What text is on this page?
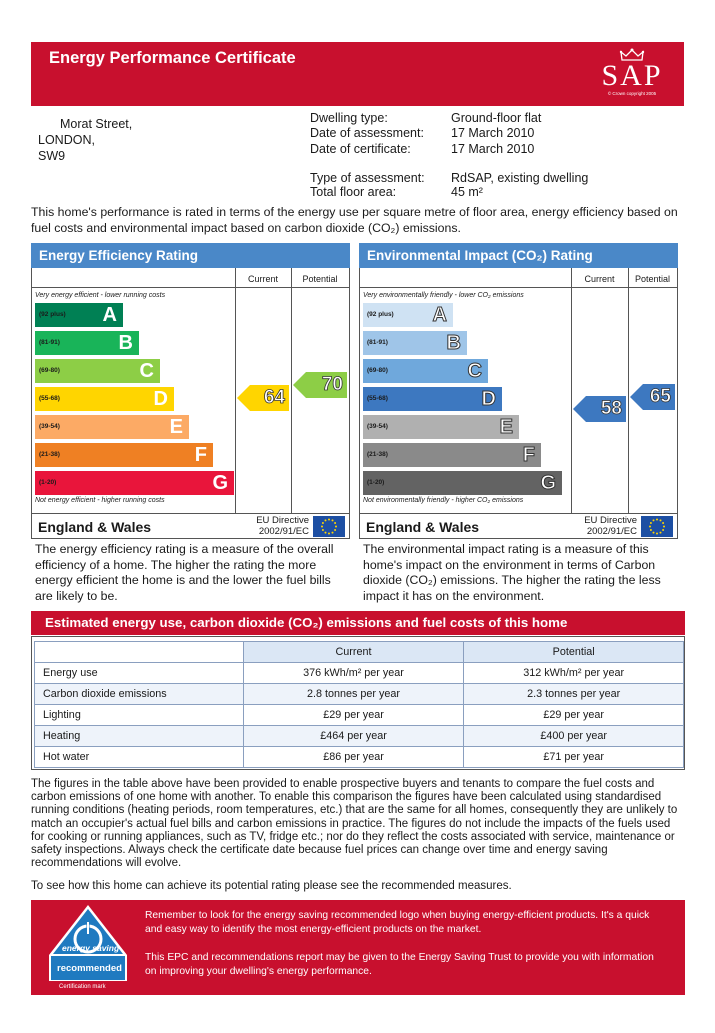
Energy Performance Certificate
SAP
© Crown copyright 2005
Morat Street,
LONDON,
SW9
Dwelling type:	Ground-floor flat
Date of assessment: 17 March 2010
Date of certificate:	17 March 2010
Type of assessment: RdSAP, existing dwelling
Total floor area:	45 m²
This home's performance is rated in terms of the energy use per square metre of floor area, energy efficiency based on fuel costs and environmental impact based on carbon dioxide (CO₂) emissions.
Energy Efficiency Rating
Current	Potential
Very energy efficient - lower running costs
Not energy efficient - higher running costs
(92 plus) A
(81-91)	B
(69-80)	C
(55-68)	D
(39-54)	E
(21-38)	F
(1-20)	G
64
70
England & Wales	EU Directive 2002/91/EC
Environmental Impact (CO₂) Rating
Current	Potential
Very environmentally friendly - lower CO₂ emissions
Not environmentally friendly - higher CO₂ emissions
(92 plus) A
(81-91)	B
(69-80)	C
(55-68)	D
(39-54)	E
(21-38)	F
(1-20)	G
58
65
England & Wales	EU Directive 2002/91/EC
The energy efficiency rating is a measure of the overall efficiency of a home. The higher the rating the more energy efficient the home is and the lower the fuel bills are likely to be.
The environmental impact rating is a measure of this home's impact on the environment in terms of Carbon dioxide (CO₂) emissions. The higher the rating the less impact it has on the environment.
Estimated energy use, carbon dioxide (CO₂) emissions and fuel costs of this home
	Current	Potential
Energy use	376 kWh/m² per year	312 kWh/m² per year
Carbon dioxide emissions	2.8 tonnes per year	2.3 tonnes per year
Lighting	£29 per year	£29 per year
Heating	£464 per year	£400 per year
Hot water	£86 per year	£71 per year
The figures in the table above have been provided to enable prospective buyers and tenants to compare the fuel costs and carbon emissions of one home with another. To enable this comparison the figures have been calculated using standardised running conditions (heating periods, room temperatures, etc.) that are the same for all homes, consequently they are unlikely to match an occupier's actual fuel bills and carbon emissions in practice. The figures do not include the impacts of the fuels used for cooking or running appliances, such as TV, fridge etc.; nor do they reflect the costs associated with service, maintenance or safety inspections. Always check the certificate date because fuel prices can change over time and energy saving recommendations will evolve.
To see how this home can achieve its potential rating please see the recommended measures.
energy saving
recommended
Certification mark

Remember to look for the energy saving recommended logo when buying energy-efficient products. It's a quick and easy way to identify the most energy-efficient products on the market.

This EPC and recommendations report may be given to the Energy Saving Trust to provide you with information on improving your dwelling's energy performance.
